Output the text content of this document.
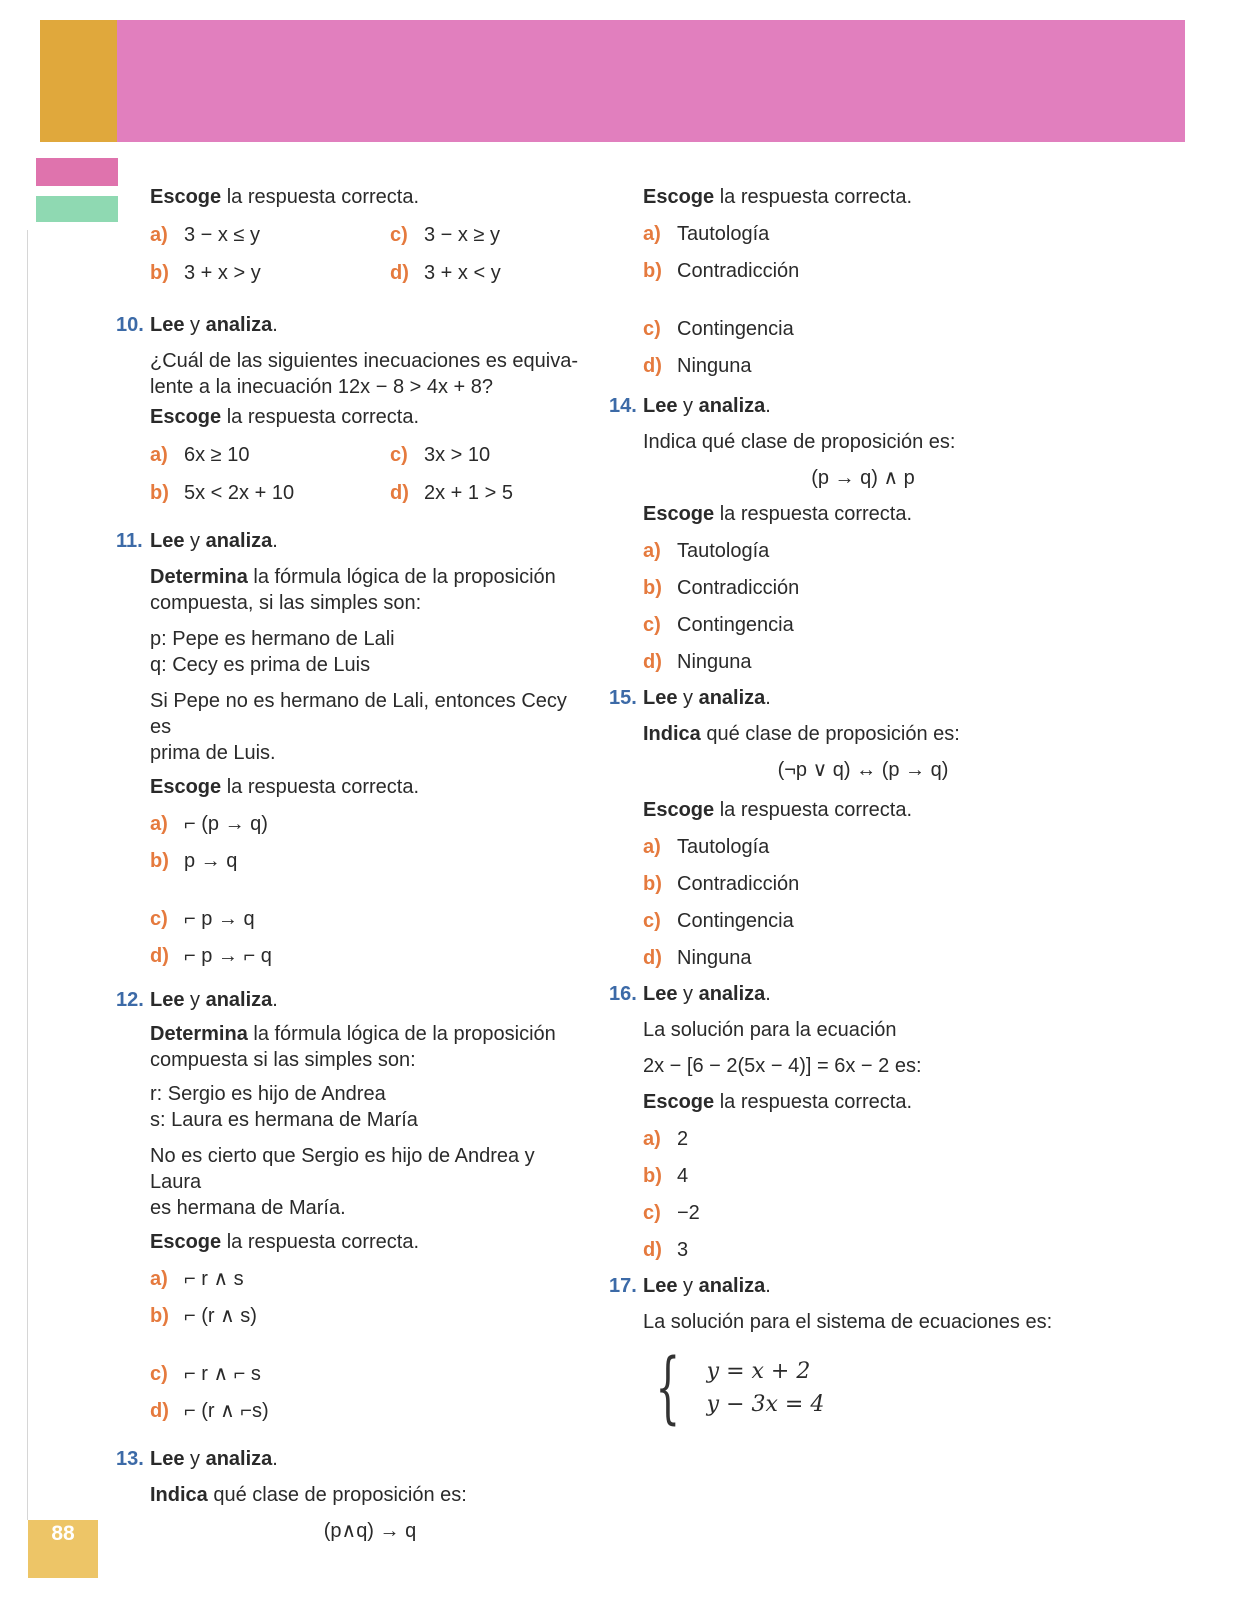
88
Escoge la respuesta correcta.
a) 3 − x ≤ y	c) 3 − x ≥ y
b) 3 + x > y	d) 3 + x < y
10. Lee y analiza.
¿Cuál de las siguientes inecuaciones es equiva-
lente a la inecuación 12x − 8 > 4x + 8?
Escoge la respuesta correcta.
a) 6x ≥ 10	c) 3x > 10
b) 5x < 2x + 10	d) 2x + 1 > 5
11. Lee y analiza.
Determina la fórmula lógica de la proposición
compuesta, si las simples son:
p: Pepe es hermano de Lali
q: Cecy es prima de Luis
Si Pepe no es hermano de Lali, entonces Cecy es
prima de Luis.
Escoge la respuesta correcta.
a) ⌐ (p → q)
b) p → q
c) ⌐ p → q
d) ⌐ p → ⌐ q
12. Lee y analiza.
Determina la fórmula lógica de la proposición
compuesta si las simples son:
r: Sergio es hijo de Andrea
s: Laura es hermana de María
No es cierto que Sergio es hijo de Andrea y Laura
es hermana de María.
Escoge la respuesta correcta.
a) ⌐ r ∧ s
b) ⌐ (r ∧ s)
c) ⌐ r ∧ ⌐ s
d) ⌐ (r ∧ ⌐s)
13. Lee y analiza.
Indica qué clase de proposición es:
(p∧q) → q
Escoge la respuesta correcta.
a) Tautología
b) Contradicción
c) Contingencia
d) Ninguna
14. Lee y analiza.
Indica qué clase de proposición es:
(p → q) ∧ p
Escoge la respuesta correcta.
a) Tautología
b) Contradicción
c) Contingencia
d) Ninguna
15. Lee y analiza.
Indica qué clase de proposición es:
(¬p ∨ q) ↔ (p → q)
Escoge la respuesta correcta.
a) Tautología
b) Contradicción
c) Contingencia
d) Ninguna
16. Lee y analiza.
La solución para la ecuación
2x − [6 − 2(5x − 4)] = 6x − 2 es:
Escoge la respuesta correcta.
a) 2
b) 4
c) −2
d) 3
17. Lee y analiza.
La solución para el sistema de ecuaciones es:
{ y = x + 2
y − 3x = 4
